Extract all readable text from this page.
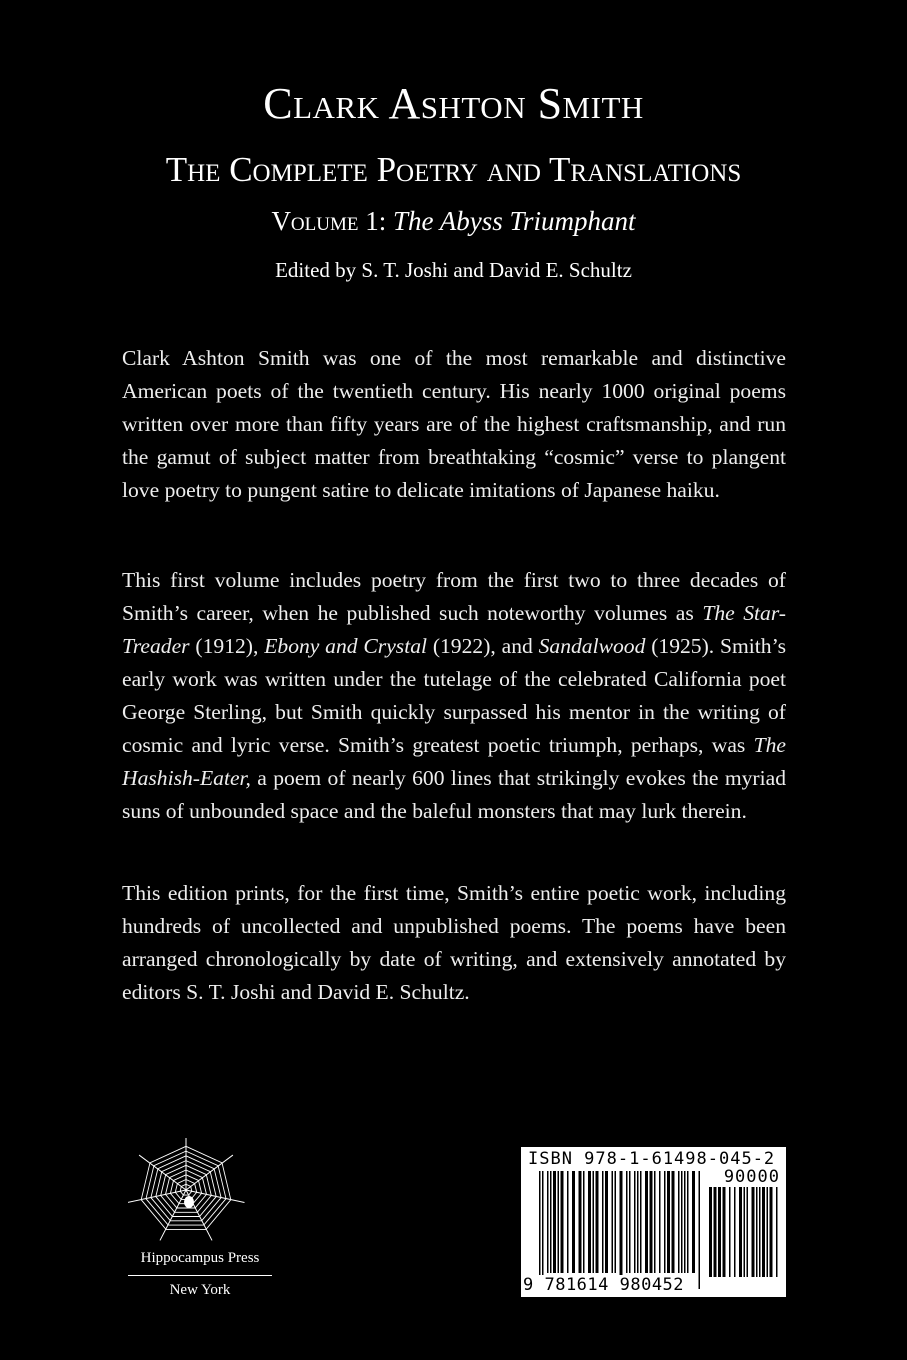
Clark Ashton Smith
The Complete Poetry and Translations
Volume 1: The Abyss Triumphant
Edited by S. T. Joshi and David E. Schultz
Clark Ashton Smith was one of the most remarkable and distinctive American poets of the twentieth century. His nearly 1000 original poems written over more than fifty years are of the highest craftsmanship, and run the gamut of subject matter from breathtaking “cosmic” verse to plangent love poetry to pungent satire to delicate imitations of Japanese haiku.
This first volume includes poetry from the first two to three decades of Smith’s career, when he published such noteworthy volumes as The Star-Treader (1912), Ebony and Crystal (1922), and Sandalwood (1925). Smith’s early work was written under the tutelage of the celebrated California poet George Sterling, but Smith quickly surpassed his mentor in the writing of cosmic and lyric verse. Smith’s greatest poetic triumph, perhaps, was The Hashish-Eater, a poem of nearly 600 lines that strikingly evokes the myriad suns of unbounded space and the baleful monsters that may lurk therein.
This edition prints, for the first time, Smith’s entire poetic work, including hundreds of uncollected and unpublished poems. The poems have been arranged chronologically by date of writing, and extensively annotated by editors S. T. Joshi and David E. Schultz.
Hippocampus Press
New York
ISBN 978-1-61498-045-2
90000
9 781614 980452
